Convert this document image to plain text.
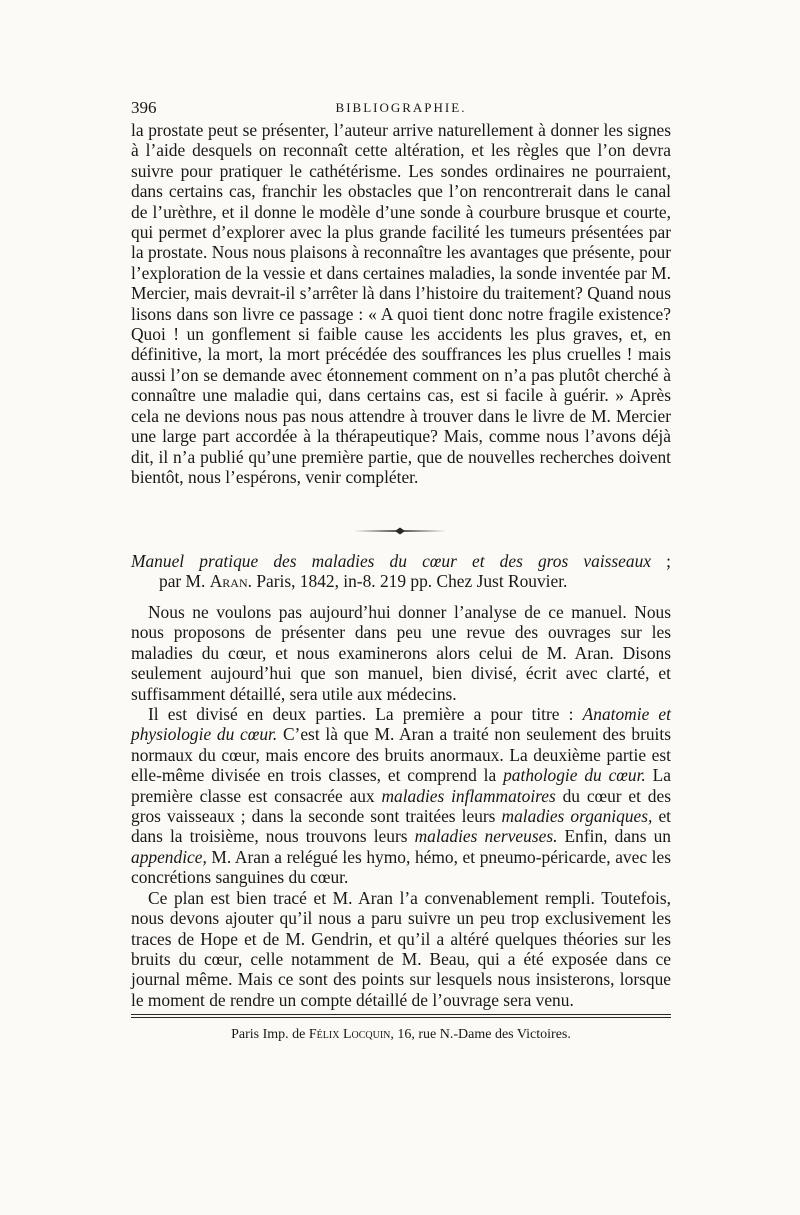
396	BIBLIOGRAPHIE.

la prostate peut se présenter, l’auteur arrive naturellement à donner les signes à l’aide desquels on reconnaît cette altération, et les règles que l’on devra suivre pour pratiquer le cathétérisme. Les sondes ordinaires ne pourraient, dans certains cas, franchir les obstacles que l’on rencontrerait dans le canal de l’urèthre, et il donne le modèle d’une sonde à courbure brusque et courte, qui permet d’explorer avec la plus grande facilité les tumeurs présentées par la prostate. Nous nous plaisons à reconnaître les avantages que présente, pour l’exploration de la vessie et dans certaines maladies, la sonde inventée par M. Mercier, mais devrait-il s’arrêter là dans l’histoire du traitement? Quand nous lisons dans son livre ce passage : « A quoi tient donc notre fragile existence? Quoi ! un gonflement si faible cause les accidents les plus graves, et, en définitive, la mort, la mort précédée des souffrances les plus cruelles ! mais aussi l’on se demande avec étonnement comment on n’a pas plutôt cherché à connaître une maladie qui, dans certains cas, est si facile à guérir. » Après cela ne devions nous pas nous attendre à trouver dans le livre de M. Mercier une large part accordée à la thérapeutique? Mais, comme nous l’avons déjà dit, il n’a publié qu’une première partie, que de nouvelles recherches doivent bientôt, nous l’espérons, venir compléter.

Manuel pratique des maladies du cœur et des gros vaisseaux ;
par M. Aran. Paris, 1842, in-8. 219 pp. Chez Just Rouvier.

Nous ne voulons pas aujourd’hui donner l’analyse de ce manuel. Nous nous proposons de présenter dans peu une revue des ouvrages sur les maladies du cœur, et nous examinerons alors celui de M. Aran. Disons seulement aujourd’hui que son manuel, bien divisé, écrit avec clarté, et suffisamment détaillé, sera utile aux médecins.

Il est divisé en deux parties. La première a pour titre : Anatomie et physiologie du cœur. C’est là que M. Aran a traité non seulement des bruits normaux du cœur, mais encore des bruits anormaux. La deuxième partie est elle-même divisée en trois classes, et comprend la pathologie du cœur. La première classe est consacrée aux maladies inflammatoires du cœur et des gros vaisseaux ; dans la seconde sont traitées leurs maladies organiques, et dans la troisième, nous trouvons leurs maladies nerveuses. Enfin, dans un appendice, M. Aran a relégué les hymo, hémo, et pneumo-péricarde, avec les concrétions sanguines du cœur.

Ce plan est bien tracé et M. Aran l’a convenablement rempli. Toutefois, nous devons ajouter qu’il nous a paru suivre un peu trop exclusivement les traces de Hope et de M. Gendrin, et qu’il a altéré quelques théories sur les bruits du cœur, celle notamment de M. Beau, qui a été exposée dans ce journal même. Mais ce sont des points sur lesquels nous insisterons, lorsque le moment de rendre un compte détaillé de l’ouvrage sera venu.

Paris Imp. de Félix Locquin, 16, rue N.-Dame des Victoires.
